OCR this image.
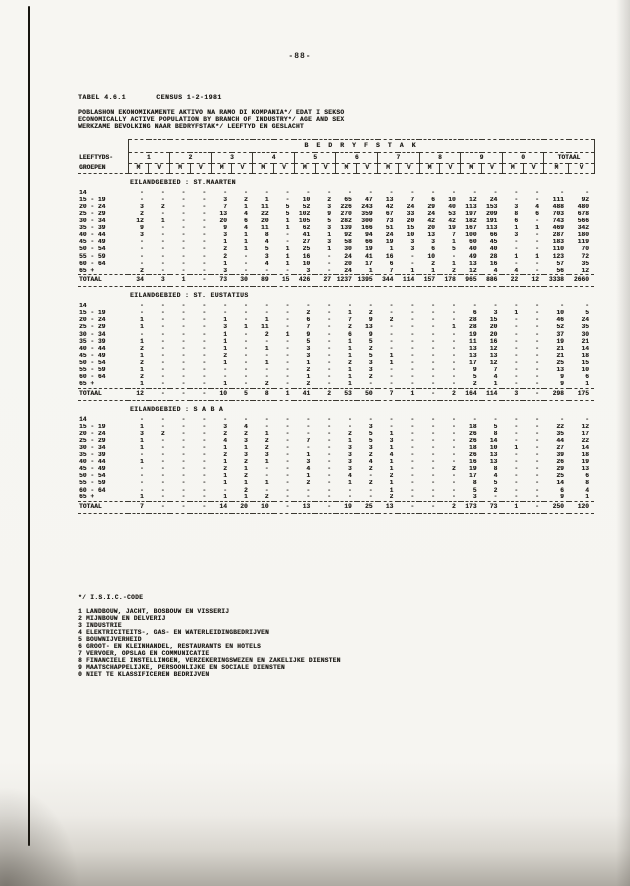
-88-
TABEL 4.6.1	CENSUS 1-2-1981
POBLASHON EKONOMIKAMENTE AKTIVO NA RAMO DI KOMPANIA*/ EDAT I SEKSO
ECONOMICALLY ACTIVE POPULATION BY BRANCH OF INDUSTRY*/ AGE AND SEX
WERKZAME BEVOLKING NAAR BEDRYFSTAK*/ LEEFTYD EN GESLACHT
	B E D R Y F S T A K																					
LEEFTYDS-	1		2		3		4		5		6		7		8		9		0		TOTAAL	
GROEPEN	M	V	M	V	M	V	M	V	M	V	M	V	M	V	M	V	M	V	M	V	M	V
EILANDGEBIED : ST.MAARTEN																						
14	-	-	-	-	-	-	-	-	-	-	-	-	-	-	-	-	-	-	-	-	-	-
15 - 19	-	-	-	-	3	2	1	-	10	2	65	47	13	7	6	10	12	24	-	-	111	92
20 - 24	3	2	-	-	7	1	11	5	52	3	226	243	42	24	29	40	113	153	3	4	488	480
25 - 29	2	-	-	-	13	4	22	5	102	9	270	359	67	33	24	53	197	209	8	6	703	678
30 - 34	12	1	-	-	20	6	20	1	105	5	282	300	73	20	42	42	182	191	6	-	743	566
35 - 39	9	-	-	-	9	4	11	1	62	3	139	166	51	15	20	19	167	113	1	1	469	342
40 - 44	3	-	-	-	3	1	8	-	41	1	92	94	24	10	13	7	100	66	3	-	287	180
45 - 49	-	-	-	-	1	1	4	-	27	3	58	66	19	3	3	1	60	45	-	-	183	119
50 - 54	-	-	-	-	2	1	5	1	25	1	30	19	1	3	6	5	40	40	-	-	110	70
55 - 59	-	-	-	-	2	-	3	1	16	-	24	41	16	-	10	-	49	28	1	1	123	72
60 - 64	-	-	-	-	1	-	4	1	10	-	20	17	6	-	2	1	13	16	-	-	57	35
65 +	2	-	-	-	3	-	-	-	3	-	24	1	7	1	1	2	12	4	4	-	56	12
TOTAAL	34	3	1	-	73	30	89	15	426	27	1237	1395	344	114	157	178	965	886	22	12	3338	2660
EILANDGEBIED : ST. EUSTATIUS																						
14	-	-	-	-	-	-	-	-	-	-	-	-	-	-	-	-	-	-	-	-	-	-
15 - 19	-	-	-	-	-	-	-	-	2	-	1	2	-	-	-	-	6	3	1	-	10	5
20 - 24	1	-	-	-	1	-	1	-	6	-	7	9	2	-	-	-	28	15	-	-	46	24
25 - 29	1	-	-	-	3	1	11	-	7	-	2	13	-	-	-	1	28	20	-	-	52	35
30 - 34	-	-	-	-	1	-	2	1	9	-	6	9	-	-	-	-	19	20	-	-	37	30
35 - 39	1	-	-	-	1	-	-	-	5	-	1	5	-	-	-	-	11	16	-	-	19	21
40 - 44	2	-	-	-	1	-	1	-	3	-	1	2	-	-	-	-	13	12	-	-	21	14
45 - 49	1	-	-	-	2	-	-	-	3	-	1	5	1	-	-	-	13	13	-	-	21	18
50 - 54	2	-	-	-	1	-	1	-	1	-	2	3	1	-	-	-	17	12	-	-	25	15
55 - 59	1	-	-	-	-	-	-	-	2	-	1	3	-	-	-	-	9	7	-	-	13	10
60 - 64	2	-	-	-	-	-	-	-	1	-	1	2	-	-	-	-	5	4	-	-	9	6
65 +	1	-	-	-	1	-	2	-	2	-	1	-	-	-	-	-	2	1	-	-	9	1
TOTAAL	12	-	-	-	10	5	8	1	41	2	53	50	7	1	-	2	164	114	3	-	298	175
EILANDGEBIED : S A B A																						
14	-	-	-	-	-	-	-	-	-	-	-	-	-	-	-	-	-	-	-	-	-	-
15 - 19	1	-	-	-	3	4	-	-	-	-	-	3	-	-	-	-	18	5	-	-	22	12
20 - 24	3	2	-	-	2	2	1	-	-	-	2	5	1	-	-	-	26	8	-	-	35	17
25 - 29	1	-	-	-	4	3	2	-	7	-	1	5	3	-	-	-	26	14	-	-	44	22
30 - 34	1	-	-	-	1	1	2	-	-	-	3	3	1	-	-	-	18	10	1	-	27	14
35 - 39	-	-	-	-	2	3	3	-	1	-	3	2	4	-	-	-	26	13	-	-	39	18
40 - 44	1	-	-	-	1	2	1	-	3	-	3	4	1	-	-	-	16	13	-	-	26	19
45 - 49	-	-	-	-	2	1	-	-	4	-	3	2	1	-	-	2	19	8	-	-	29	13
50 - 54	-	-	-	-	1	2	-	-	1	-	4	-	2	-	-	-	17	4	-	-	25	6
55 - 59	-	-	-	-	1	1	1	-	2	-	1	2	1	-	-	-	8	5	-	-	14	8
60 - 64	-	-	-	-	-	2	-	-	-	-	-	-	1	-	-	-	5	2	-	-	6	4
65 +	1	-	-	-	1	1	2	-	-	-	-	-	2	-	-	-	3	-	-	-	9	1
TOTAAL	7	-	-	-	14	20	10	-	13	-	19	25	13	-	-	2	173	73	1	-	250	120
*/ I.S.I.C.-CODE
1 LANDBOUW, JACHT, BOSBOUW EN VISSERIJ
2 MIJNBOUW EN DELVERIJ
3 INDUSTRIE
4 ELEKTRICITEITS-, GAS- EN WATERLEIDINGBEDRIJVEN
5 BOUWNIJVERHEID
6 GROOT- EN KLEINHANDEL, RESTAURANTS EN HOTELS
7 VERVOER, OPSLAG EN COMMUNICATIE
8 FINANCIELE INSTELLINGEN, VERZEKERINGSWEZEN EN ZAKELIJKE DIENSTEN
9 MAATSCHAPPELIJKE, PERSOONLIJKE EN SOCIALE DIENSTEN
0 NIET TE KLASSIFICEREN BEDRIJVEN
